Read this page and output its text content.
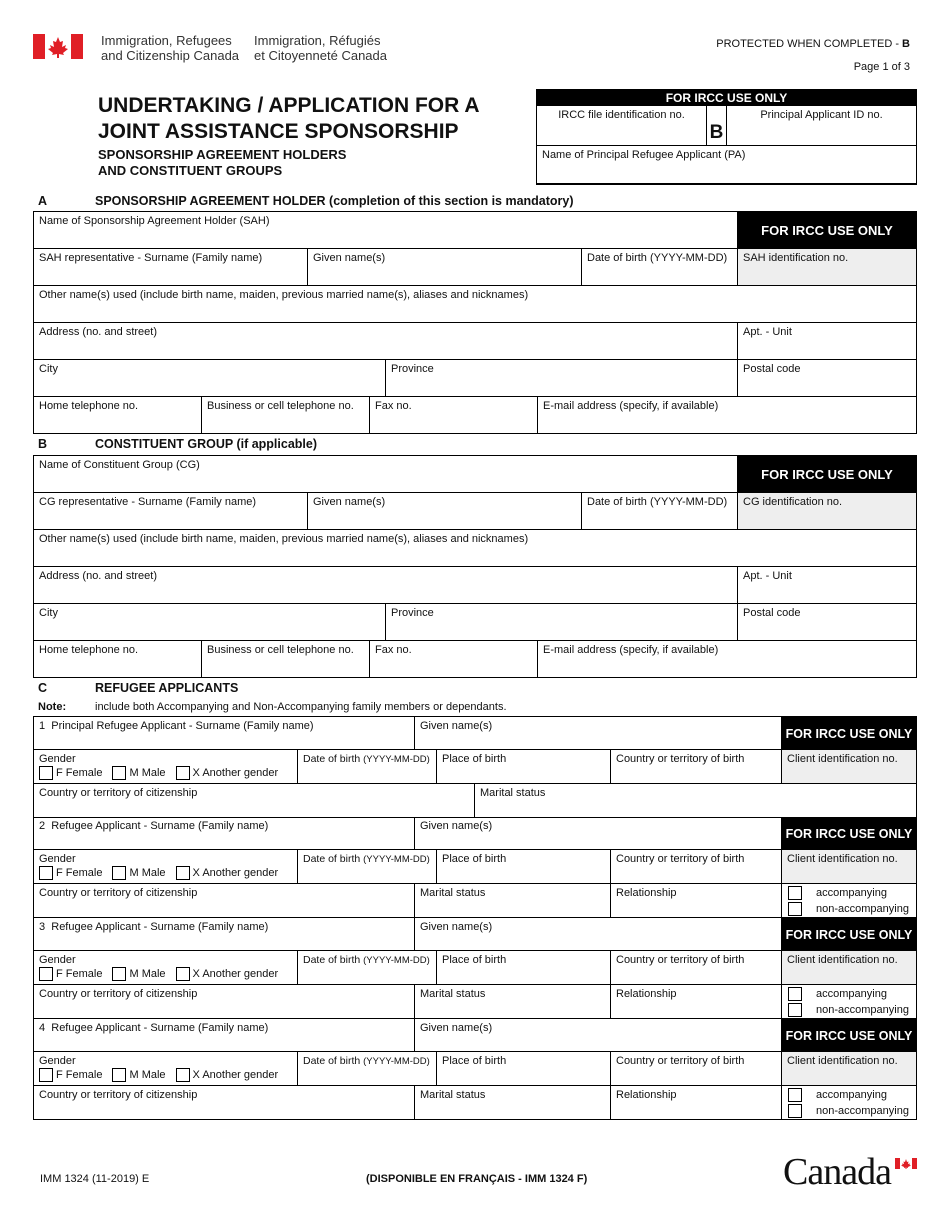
Immigration, Refugees
and Citizenship Canada
Immigration, Réfugiés
et Citoyenneté Canada
PROTECTED WHEN COMPLETED - B
Page 1 of 3
UNDERTAKING / APPLICATION FOR A
JOINT ASSISTANCE SPONSORSHIP
SPONSORSHIP AGREEMENT HOLDERS
AND CONSTITUENT GROUPS
FOR IRCC USE ONLY
IRCC file identification no.
B
Principal Applicant ID no.
Name of Principal Refugee Applicant (PA)
A	SPONSORSHIP AGREEMENT HOLDER (completion of this section is mandatory)
Name of Sponsorship Agreement Holder (SAH)
FOR IRCC USE ONLY
SAH representative - Surname (Family name)	Given name(s)	Date of birth (YYYY-MM-DD)	SAH identification no.
Other name(s) used (include birth name, maiden, previous married name(s), aliases and nicknames)
Address (no. and street)	Apt. - Unit
City	Province	Postal code
Home telephone no.	Business or cell telephone no.	Fax no.	E-mail address (specify, if available)
B	CONSTITUENT GROUP (if applicable)
Name of Constituent Group (CG)
FOR IRCC USE ONLY
CG representative - Surname (Family name)	Given name(s)	Date of birth (YYYY-MM-DD)	CG identification no.
Other name(s) used (include birth name, maiden, previous married name(s), aliases and nicknames)
Address (no. and street)	Apt. - Unit
City	Province	Postal code
Home telephone no.	Business or cell telephone no.	Fax no.	E-mail address (specify, if available)
C	REFUGEE APPLICANTS
Note:	include both Accompanying and Non-Accompanying family members or dependants.
1 Principal Refugee Applicant - Surname (Family name)	Given name(s)
FOR IRCC USE ONLY
Gender
F Female M Male X Another gender
Date of birth (YYYY-MM-DD)	Place of birth	Country or territory of birth	Client identification no.
Country or territory of citizenship	Marital status
2 Refugee Applicant - Surname (Family name)	Given name(s)
FOR IRCC USE ONLY
Gender
F Female M Male X Another gender
Date of birth (YYYY-MM-DD)	Place of birth	Country or territory of birth	Client identification no.
Country or territory of citizenship	Marital status	Relationship	accompanying
non-accompanying
3 Refugee Applicant - Surname (Family name)	Given name(s)
FOR IRCC USE ONLY
Gender
F Female M Male X Another gender
Date of birth (YYYY-MM-DD)	Place of birth	Country or territory of birth	Client identification no.
Country or territory of citizenship	Marital status	Relationship	accompanying
non-accompanying
4 Refugee Applicant - Surname (Family name)	Given name(s)
FOR IRCC USE ONLY
Gender
F Female M Male X Another gender
Date of birth (YYYY-MM-DD)	Place of birth	Country or territory of birth	Client identification no.
Country or territory of citizenship	Marital status	Relationship	accompanying
non-accompanying
IMM 1324 (11-2019) E	(DISPONIBLE EN FRANÇAIS - IMM 1324 F)	Canada
